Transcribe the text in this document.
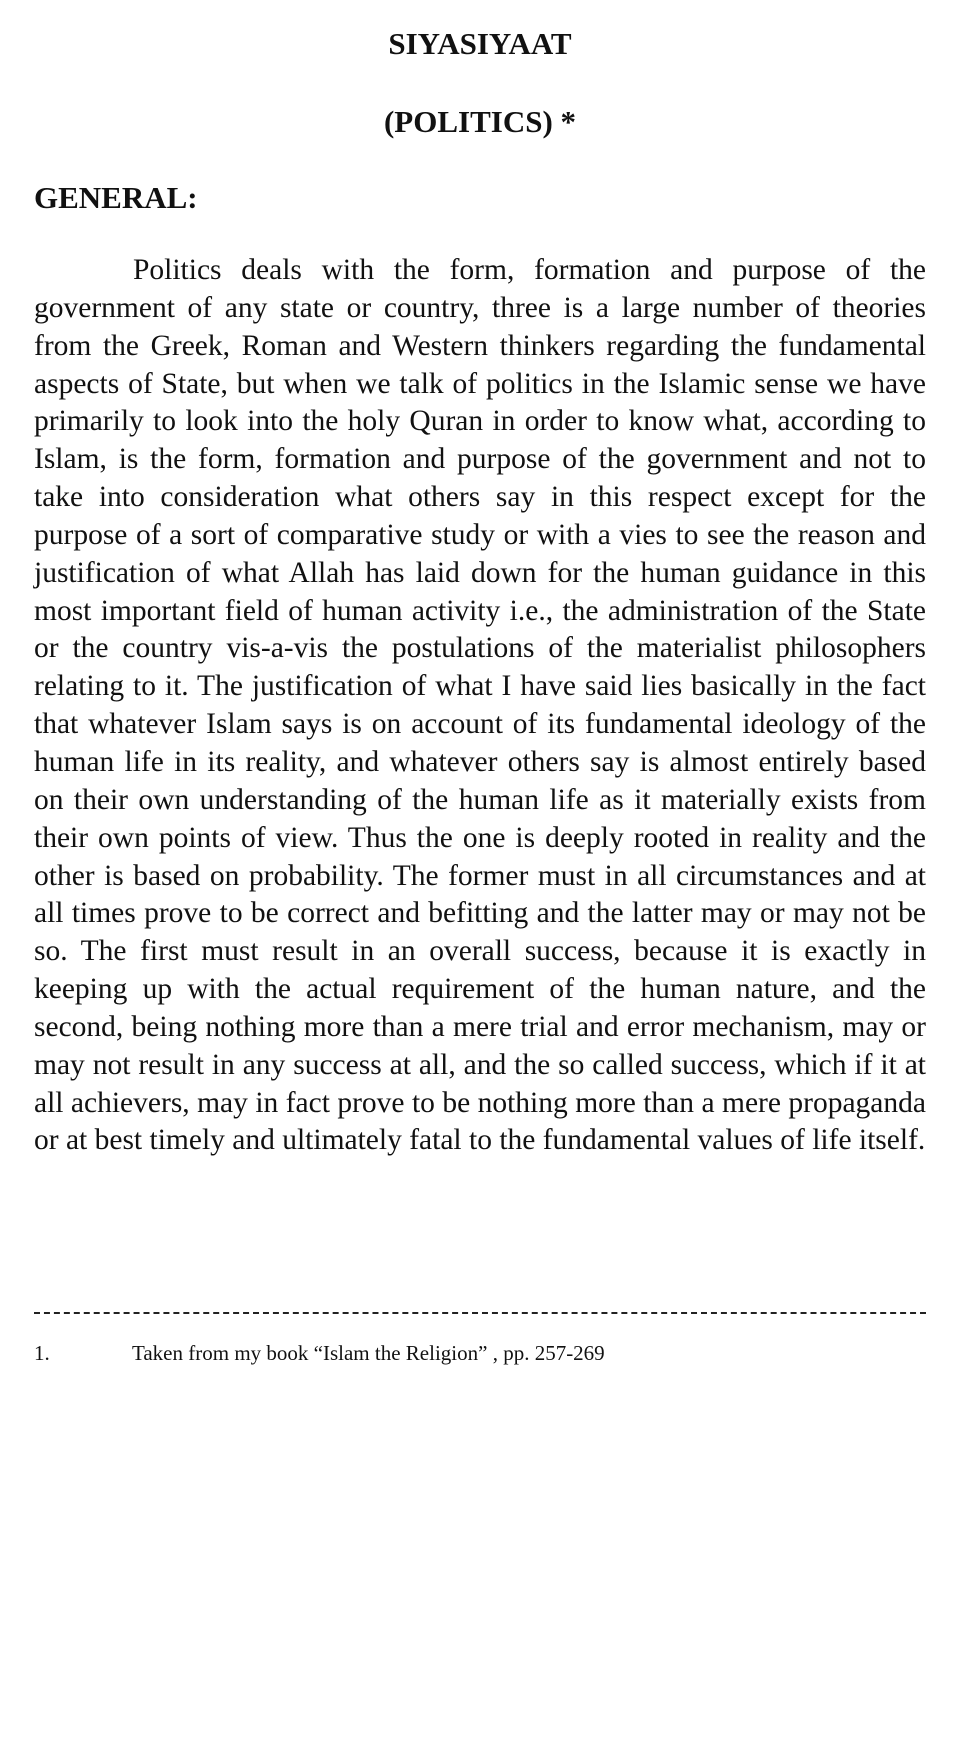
SIYASIYAAT
(POLITICS) *
GENERAL:

Politics deals with the form, formation and purpose of the government of any state or country, three is a large number of theories from the Greek, Roman and Western thinkers regarding the fundamental aspects of State, but when we talk of politics in the Islamic sense we have primarily to look into the holy Quran in order to know what, according to Islam, is the form, formation and purpose of the government and not to take into consideration what others say in this respect except for the purpose of a sort of comparative study or with a vies to see the reason and justification of what Allah has laid down for the human guidance in this most important field of human activity i.e., the administration of the State or the country vis-a-vis the postulations of the materialist philosophers relating to it. The justification of what I have said lies basically in the fact that whatever Islam says is on account of its fundamental ideology of the human life in its reality, and whatever others say is almost entirely based on their own understanding of the human life as it materially exists from their own points of view. Thus the one is deeply rooted in reality and the other is based on probability. The former must in all circumstances and at all times prove to be correct and befitting and the latter may or may not be so. The first must result in an overall success, because it is exactly in keeping up with the actual requirement of the human nature, and the second, being nothing more than a mere trial and error mechanism, may or may not result in any success at all, and the so called success, which if it at all achievers, may in fact prove to be nothing more than a mere propaganda or at best timely and ultimately fatal to the fundamental values of life itself.

1.	Taken from my book “Islam the Religion” , pp. 257-269
